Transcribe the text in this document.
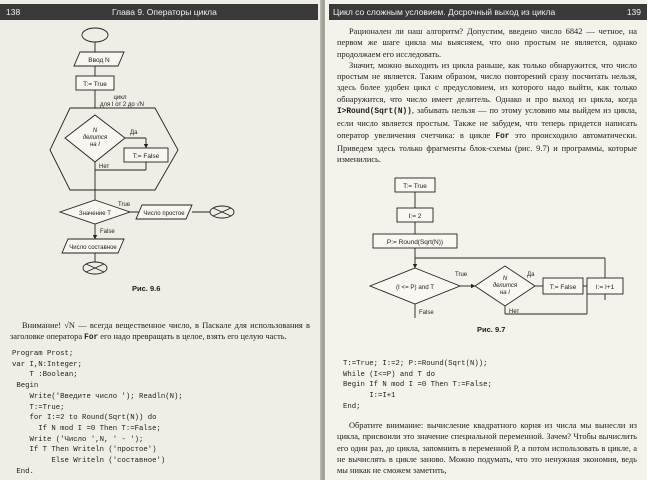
138	Глава 9. Операторы цикла
Ввод N
T:= True
цикл
для I от 2 до √N
N
делится
на I
Да
Нет
T:= False
Значение T
True
False
Число простое
Число составное
Рис. 9.6

Внимание! √N — всегда вещественное число, в Паскале для использования в заголовке оператора For его надо превращать в целое, взять его целую часть.

Program Prost;
var I,N:Integer;
T :Boolean;
Begin
Write('Введите число '); Readln(N);
T:=True;
for I:=2 to Round(Sqrt(N)) do
If N mod I =0 Then T:=False;
Write ('Число ',N, ' - ');
If T Then Writeln ('простое')
Else Writeln ('составное')
End.
Цикл со сложным условием. Досрочный выход из цикла	139

Рационален ли наш алгоритм? Допустим, введено число 6842 — четное, на первом же шаге цикла мы выясняем, что оно простым не является, однако продолжаем его исследовать.

Значит, можно выходить из цикла раньше, как только обнаружится, что число простым не является. Таким образом, число повторений сразу посчитать нельзя, здесь более удобен цикл с предусловием, из которого надо выйти, как только обнаружится, что число имеет делитель. Однако и про выход из цикла, когда I>Round(Sqrt(N)), забывать нельзя — по этому условию мы выйдем из цикла, если число является простым. Также не забудем, что теперь придется написать оператор увеличения счетчика: в цикле For это происходило автоматически. Приведем здесь только фрагменты блок-схемы (рис. 9.7) и программы, которые изменились.

T:= True
I:= 2
P:= Round(Sqrt(N))
(I <= P) and T
False
True
N
делится
на I
Да
Нет
T:= False	I:= I+1
Рис. 9.7
T:=True; I:=2; P:=Round(Sqrt(N));
While (I<=P) and T do
Begin If N mod I =0 Then T:=False;
I:=I+1
End;

Обратите внимание: вычисление квадратного корня из числа мы вынесли из цикла, присвоили это значение специальной переменной. Зачем? Чтобы вычислить его один раз, до цикла, запомнить в переменной P, а потом использовать в цикле, а не вычислять в цикле заново. Можно подумать, что это ненужная экономия, ведь мы никак не сможем заметить,
